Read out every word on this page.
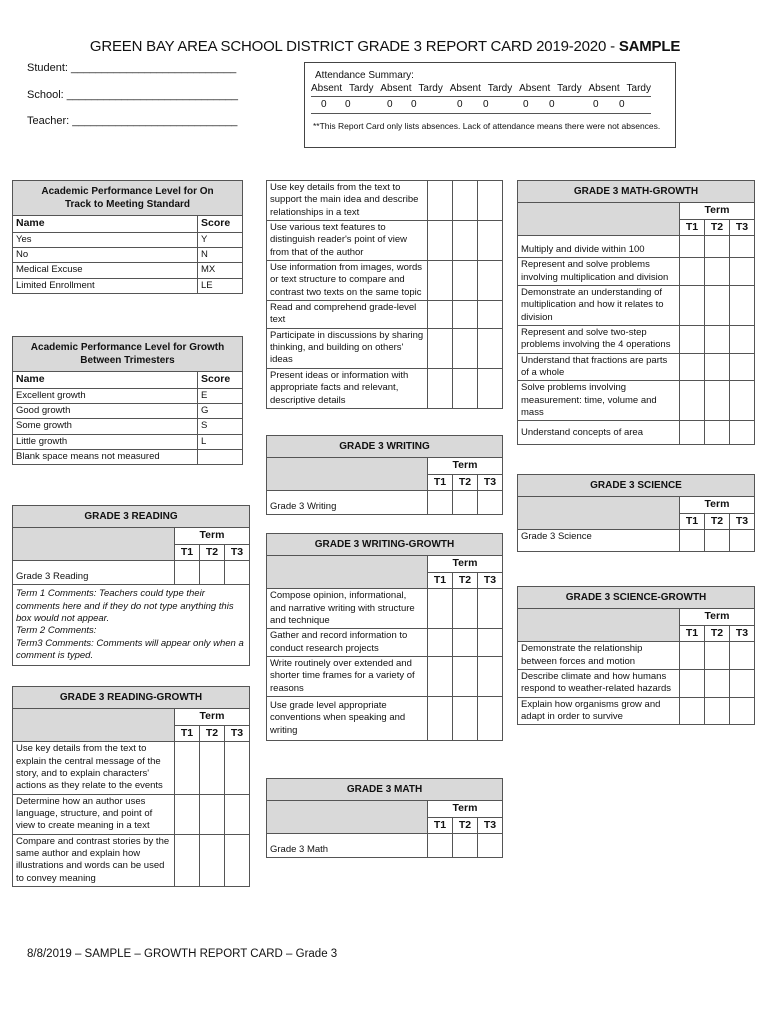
GREEN BAY AREA SCHOOL DISTRICT GRADE 3 REPORT CARD 2019-2020 - SAMPLE
Student: ___________________________
School: ____________________________
Teacher: ___________________________
Attendance Summary:
Absent Tardy Absent Tardy Absent Tardy Absent Tardy Absent Tardy
0 0	0 0	0 0	0 0	0 0
**This Report Card only lists absences. Lack of attendance means there were not absences.
Academic Performance Level for On
Track to Meeting Standard	

Name	Score
Yes	Y
No	N
Medical Excuse	MX
Limited Enrollment	LE
Academic Performance Level for Growth
Between Trimesters	

Name	Score
Excellent growth	E
Good growth	G
Some growth	S
Little growth	L
Blank space means not measured	
GRADE 3 READING			
	Term		
	T1	T2	T3
Grade 3 Reading			

Term 1 Comments: Teachers could type their comments here and if they do not type anything this box would not appear.
Term 2 Comments:
Term3 Comments: Comments will appear only when a comment is typed.			
GRADE 3 READING-GROWTH			
	Term		
	T1	T2	T3
Use key details from the text to explain the central message of the story, and to explain characters' actions as they relate to the events			
Determine how an author uses language, structure, and point of view to create meaning in a text			
Compare and contrast stories by the same author and explain how illustrations and words can be used to convey meaning			
Use key details from the text to support the main idea and describe relationships in a text			
Use various text features to distinguish reader's point of view from that of the author			
Use information from images, words or text structure to compare and contrast two texts on the same topic			
Read and comprehend grade-level text			
Participate in discussions by sharing thinking, and building on others' ideas			
Present ideas or information with appropriate facts and relevant, descriptive details			
GRADE 3 WRITING			
	Term		
	T1	T2	T3
Grade 3 Writing			
GRADE 3 WRITING-GROWTH			
	Term		
	T1	T2	T3
Compose opinion, informational, and narrative writing with structure and technique			
Gather and record information to conduct research projects			
Write routinely over extended and shorter time frames for a variety of reasons			
Use grade level appropriate conventions when speaking and writing			
GRADE 3 MATH			
	Term		
	T1	T2	T3
Grade 3 Math			
GRADE 3 MATH-GROWTH			
	Term		
	T1	T2	T3
Multiply and divide within 100			
Represent and solve problems involving multiplication and division			
Demonstrate an understanding of multiplication and how it relates to division			
Represent and solve two-step problems involving the 4 operations			
Understand that fractions are parts of a whole			
Solve problems involving measurement: time, volume and mass			
Understand concepts of area			
GRADE 3 SCIENCE			
	Term		
	T1	T2	T3
Grade 3 Science			
GRADE 3 SCIENCE-GROWTH			
	Term		
	T1	T2	T3
Demonstrate the relationship between forces and motion			
Describe climate and how humans respond to weather-related hazards			
Explain how organisms grow and adapt in order to survive			
8/8/2019 – SAMPLE – GROWTH REPORT CARD – Grade 3
